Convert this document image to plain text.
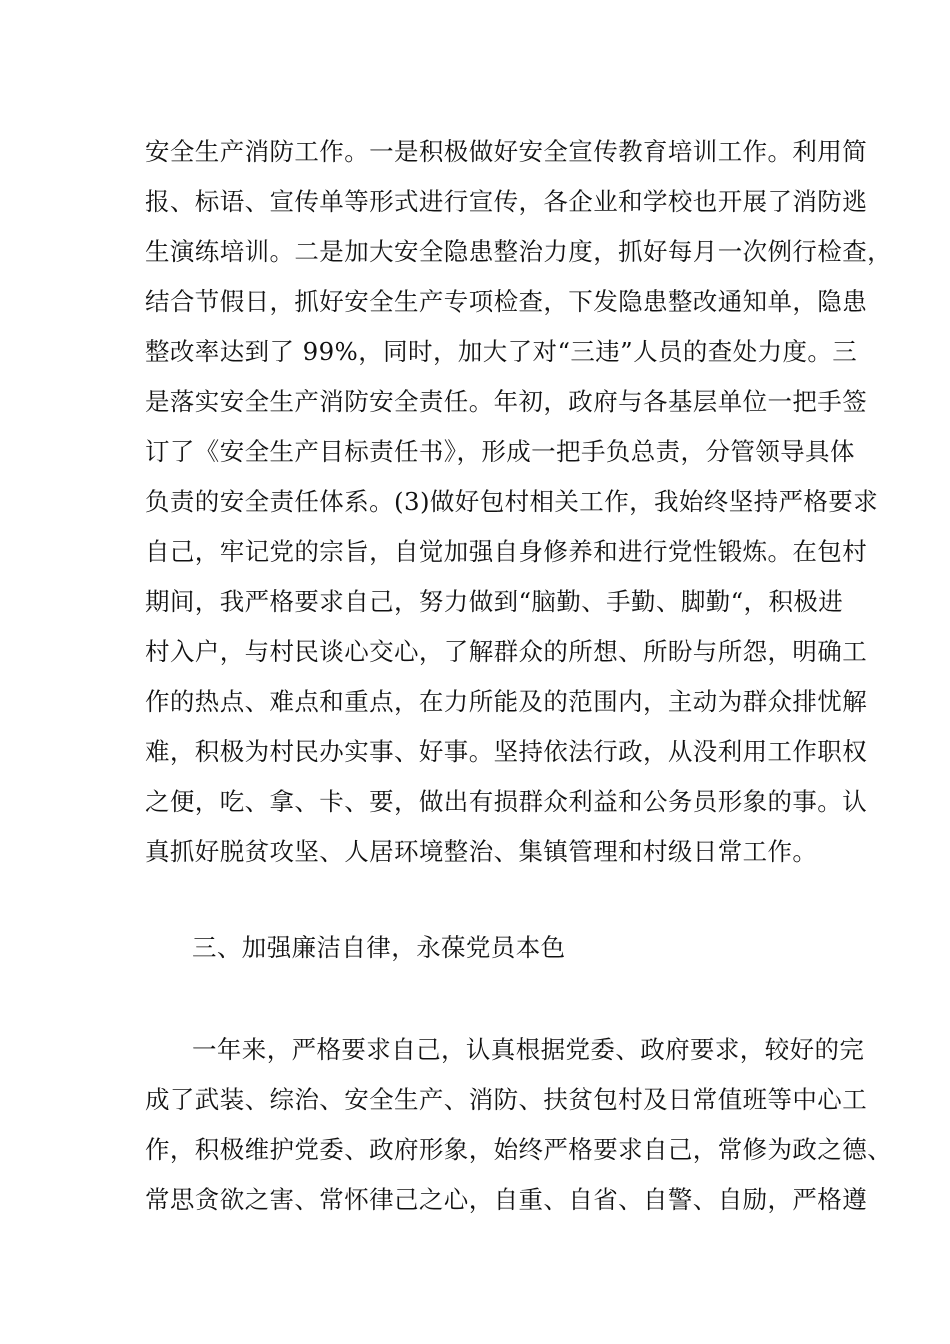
安全生产消防工作。一是积极做好安全宣传教育培训工作。利用简
报、标语、宣传单等形式进行宣传，各企业和学校也开展了消防逃
生演练培训。二是加大安全隐患整治力度，抓好每月一次例行检查，
结合节假日，抓好安全生产专项检查，下发隐患整改通知单，隐患
整改率达到了 99%，同时，加大了对“三违”人员的查处力度。三
是落实安全生产消防安全责任。年初，政府与各基层单位一把手签
订了《安全生产目标责任书》，形成一把手负总责，分管领导具体
负责的安全责任体系。(3)做好包村相关工作，我始终坚持严格要求
自己，牢记党的宗旨，自觉加强自身修养和进行党性锻炼。在包村
期间，我严格要求自己，努力做到“脑勤、手勤、脚勤“，积极进
村入户，与村民谈心交心，了解群众的所想、所盼与所怨，明确工
作的热点、难点和重点，在力所能及的范围内，主动为群众排忧解
难，积极为村民办实事、好事。坚持依法行政，从没利用工作职权
之便，吃、拿、卡、要，做出有损群众利益和公务员形象的事。认
真抓好脱贫攻坚、人居环境整治、集镇管理和村级日常工作。
三、加强廉洁自律，永葆党员本色
一年来，严格要求自己，认真根据党委、政府要求，较好的完
成了武装、综治、安全生产、消防、扶贫包村及日常值班等中心工
作，积极维护党委、政府形象，始终严格要求自己，常修为政之德、
常思贪欲之害、常怀律己之心，自重、自省、自警、自励，严格遵
